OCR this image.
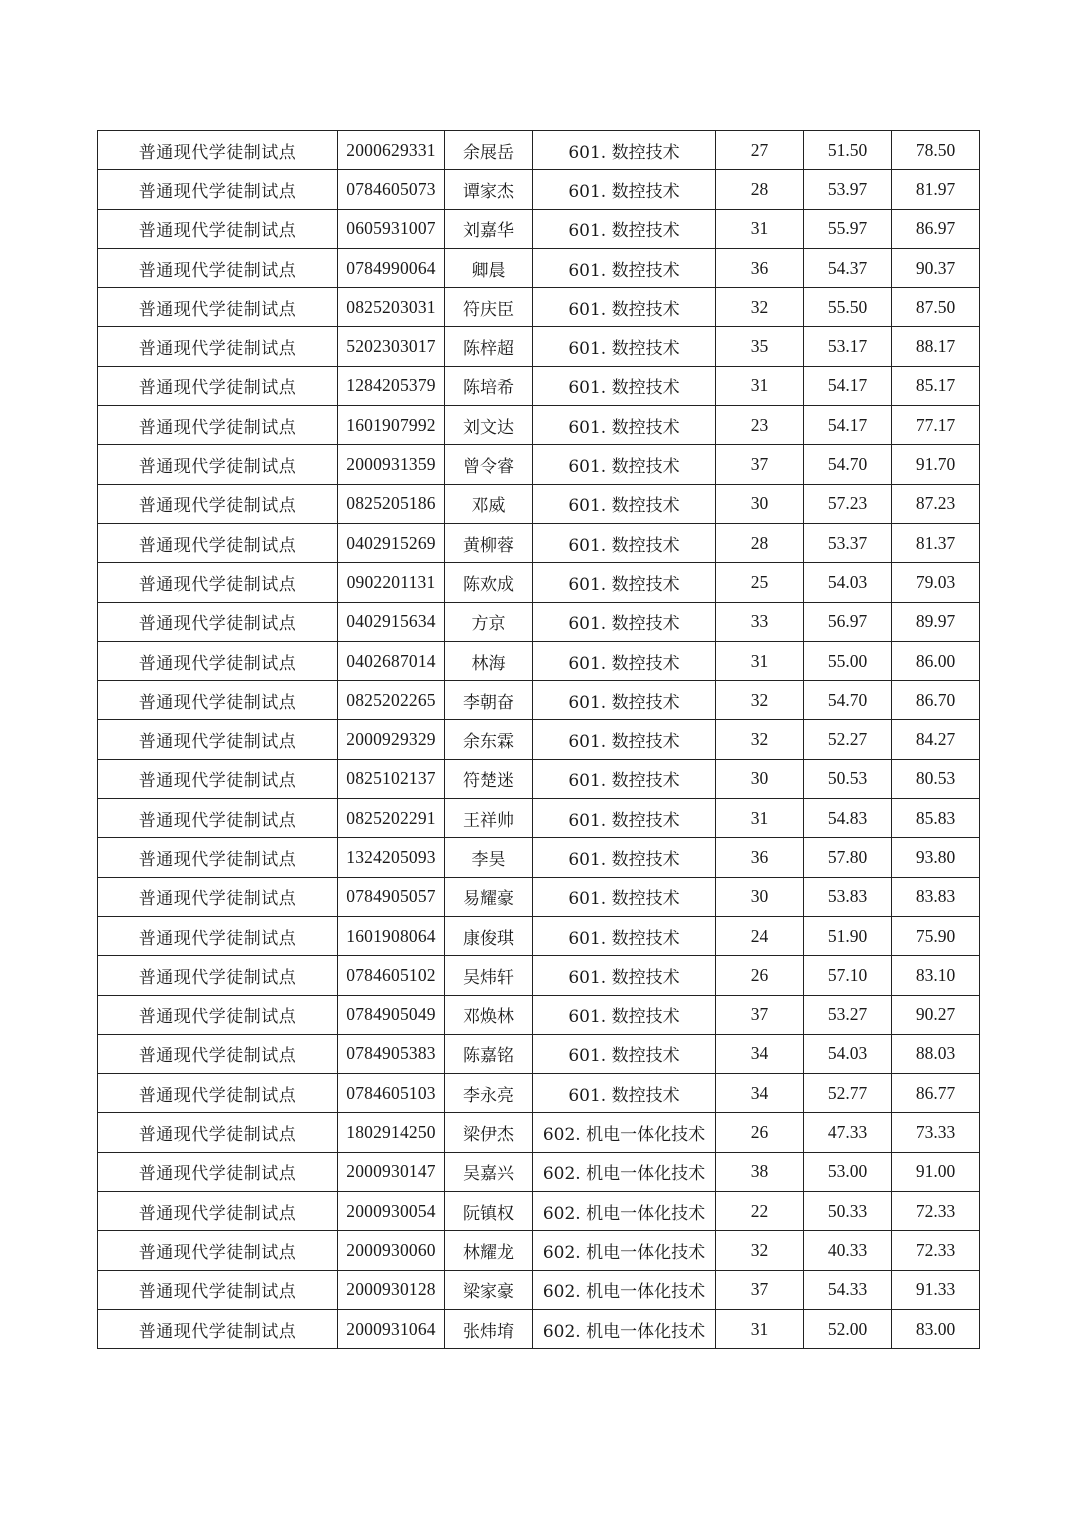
普通现代学徒制试点	2000629331	余展岳	601. 数控技术	27	51.50	78.50
普通现代学徒制试点	0784605073	谭家杰	601. 数控技术	28	53.97	81.97
普通现代学徒制试点	0605931007	刘嘉华	601. 数控技术	31	55.97	86.97
普通现代学徒制试点	0784990064	卿晨	601. 数控技术	36	54.37	90.37
普通现代学徒制试点	0825203031	符庆臣	601. 数控技术	32	55.50	87.50
普通现代学徒制试点	5202303017	陈梓超	601. 数控技术	35	53.17	88.17
普通现代学徒制试点	1284205379	陈培希	601. 数控技术	31	54.17	85.17
普通现代学徒制试点	1601907992	刘文达	601. 数控技术	23	54.17	77.17
普通现代学徒制试点	2000931359	曾令睿	601. 数控技术	37	54.70	91.70
普通现代学徒制试点	0825205186	邓威	601. 数控技术	30	57.23	87.23
普通现代学徒制试点	0402915269	黄柳蓉	601. 数控技术	28	53.37	81.37
普通现代学徒制试点	0902201131	陈欢成	601. 数控技术	25	54.03	79.03
普通现代学徒制试点	0402915634	方京	601. 数控技术	33	56.97	89.97
普通现代学徒制试点	0402687014	林海	601. 数控技术	31	55.00	86.00
普通现代学徒制试点	0825202265	李朝奋	601. 数控技术	32	54.70	86.70
普通现代学徒制试点	2000929329	余东霖	601. 数控技术	32	52.27	84.27
普通现代学徒制试点	0825102137	符楚迷	601. 数控技术	30	50.53	80.53
普通现代学徒制试点	0825202291	王祥帅	601. 数控技术	31	54.83	85.83
普通现代学徒制试点	1324205093	李昊	601. 数控技术	36	57.80	93.80
普通现代学徒制试点	0784905057	易耀豪	601. 数控技术	30	53.83	83.83
普通现代学徒制试点	1601908064	康俊琪	601. 数控技术	24	51.90	75.90
普通现代学徒制试点	0784605102	吴炜轩	601. 数控技术	26	57.10	83.10
普通现代学徒制试点	0784905049	邓焕林	601. 数控技术	37	53.27	90.27
普通现代学徒制试点	0784905383	陈嘉铭	601. 数控技术	34	54.03	88.03
普通现代学徒制试点	0784605103	李永亮	601. 数控技术	34	52.77	86.77
普通现代学徒制试点	1802914250	梁伊杰	602. 机电一体化技术	26	47.33	73.33
普通现代学徒制试点	2000930147	吴嘉兴	602. 机电一体化技术	38	53.00	91.00
普通现代学徒制试点	2000930054	阮镇权	602. 机电一体化技术	22	50.33	72.33
普通现代学徒制试点	2000930060	林耀龙	602. 机电一体化技术	32	40.33	72.33
普通现代学徒制试点	2000930128	梁家豪	602. 机电一体化技术	37	54.33	91.33
普通现代学徒制试点	2000931064	张炜堉	602. 机电一体化技术	31	52.00	83.00
